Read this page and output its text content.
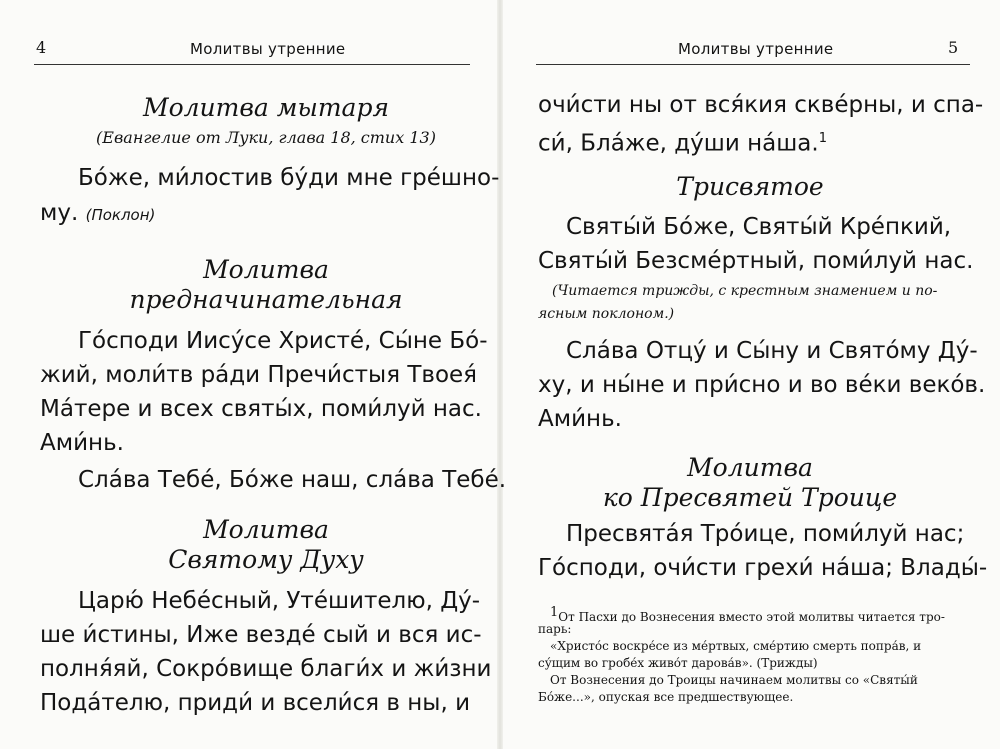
4	Молитвы утренние
Молитва мытаря
(Евангелие от Луки, глава 18, стих 13)
Бо́же, ми́лостив бу́ди мне гре́шно-
му. (Поклон)
Молитва
предначинательная
Го́споди Иису́се Христе́, Сы́не Бо́-
жий, моли́тв ра́ди Пречи́стыя Твоея́
Ма́тере и всех святы́х, поми́луй нас.
Ами́нь.
Сла́ва Тебе́, Бо́же наш, сла́ва Тебе́.
Молитва
Святому Духу
Царю́ Небе́сный, Уте́шителю, Ду́-
ше и́стины, Иже везде́ сый и вся ис-
полня́яй, Сокро́вище благи́х и жи́зни
Пода́телю, приди́ и всели́ся в ны, и
Молитвы утренние	5
очи́сти ны от вся́кия скве́рны, и спа-
си́, Бла́же, ду́ши на́ша.$^1$
Трисвятое
Святы́й Бо́же, Святы́й Кре́пкий,
Святы́й Безсме́ртный, поми́луй нас.
(Читается трижды, с крестным знамением и по-
ясным поклоном.)
Сла́ва Отцу́ и Сы́ну и Свято́му Ду́-
ху, и ны́не и при́сно и во ве́ки веко́в.
Ами́нь.
Молитва
ко Пресвятей Троице
Пресвята́я Тро́ице, поми́луй нас;
Го́споди, очи́сти грехи́ на́ша; Влады́-
$^1$От Пасхи до Вознесения вместо этой молитвы читается тро-
парь:
«Христо́с воскре́се из ме́ртвых, сме́ртию смерть попра́в, и
су́щим во гробе́х живо́т дарова́в». (Трижды)
От Вознесения до Троицы начинаем молитвы со «Святы́й
Бо́же...», опуская все предшествующее.
